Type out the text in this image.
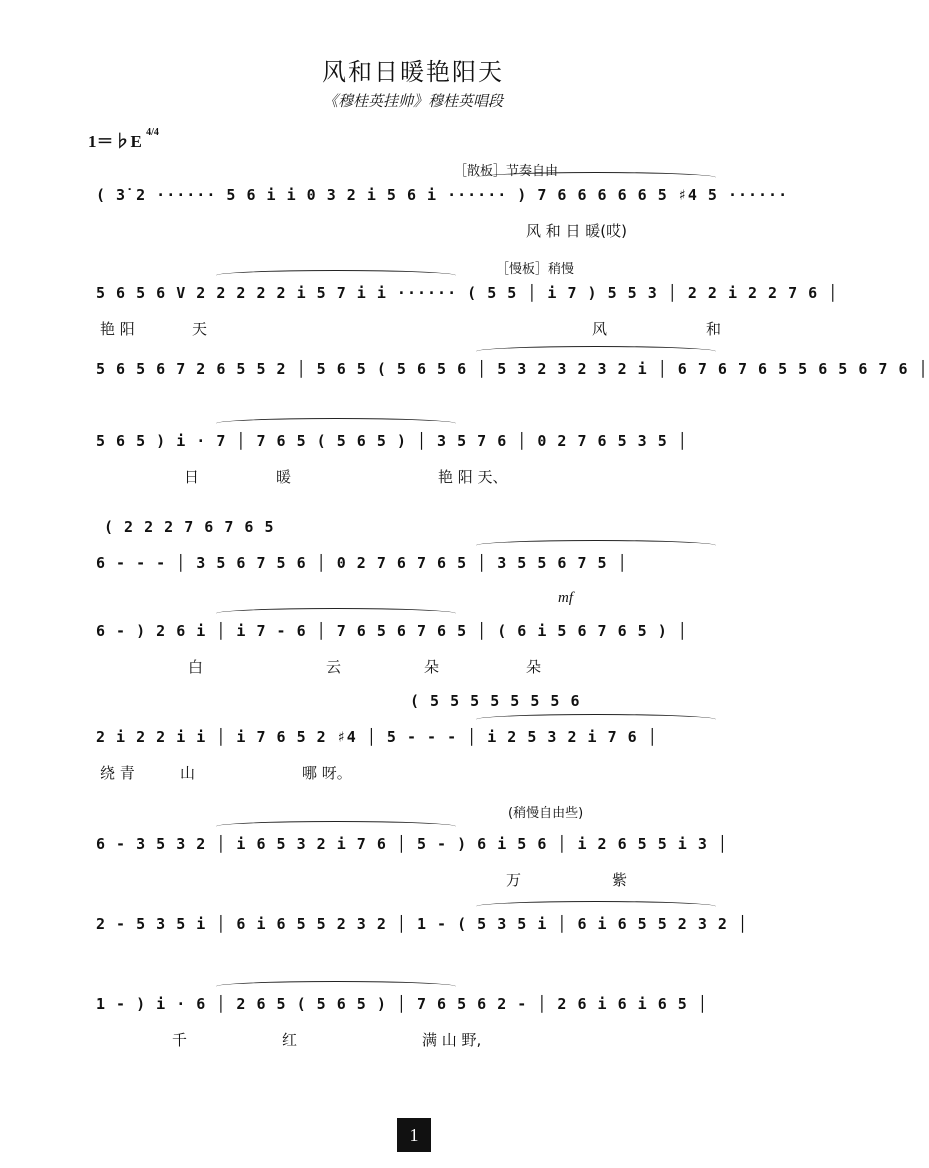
风和日暖艳阳天
《穆桂英挂帅》穆桂英唱段
1＝♭E $^{4/4}$
［散板］节奏自由
［慢板］稍慢
mf
(稍慢自由些)
( 3̇ 2 ······ 5 6 i i 0 3 2 i 5 6 i ······ ) 7 6 6 6 6 6 5 ♯4 5 ······
风 和 日 暖(哎)
5 6 5 6 V 2 2 2 2 2 i 5 7 i i ······ ( 5 5 │ i 7 ) 5 5 3 │ 2 2 i 2 2 7 6 │
艳 阳	天	风	和
5 6 5 6 7 2 6 5 5 2 │ 5 6 5 ( 5 6 5 6 │ 5 3 2 3 2 3 2 i │ 6 7 6 7 6 5 5 6 5 6 7 6 │
5 6 5 ) i · 7 │ 7 6 5 ( 5 6 5 ) │ 3 5 7 6 │ 0 2 7 6 5 3 5 │
日	暖	艳 阳 天、
( 2 2 2 7 6 7 6 5
6 - - - │ 3 5 6 7 5 6 │ 0 2 7 6 7 6 5 │ 3 5 5 6 7 5 │
6 - ) 2 6 i │ i 7 - 6 │ 7 6 5 6 7 6 5 │ ( 6 i 5 6 7 6 5 ) │
白	云	朵	朵
( 5 5 5 5 5 5 5 6
2 i 2 2 i i │ i 7 6 5 2 ♯4 │ 5 - - - │ i 2 5 3 2 i 7 6 │
绕 青	山	哪 呀。
6 - 3 5 3 2 │ i 6 5 3 2 i 7 6 │ 5 - ) 6 i 5 6 │ i 2 6 5 5 i 3 │
万	紫
2 - 5 3 5 i │ 6 i 6 5 5 2 3 2 │ 1 - ( 5 3 5 i │ 6 i 6 5 5 2 3 2 │
1 - ) i · 6 │ 2 6 5 ( 5 6 5 ) │ 7 6 5 6 2 - │ 2 6 i 6 i 6 5 │
千	红	满 山 野,
1
